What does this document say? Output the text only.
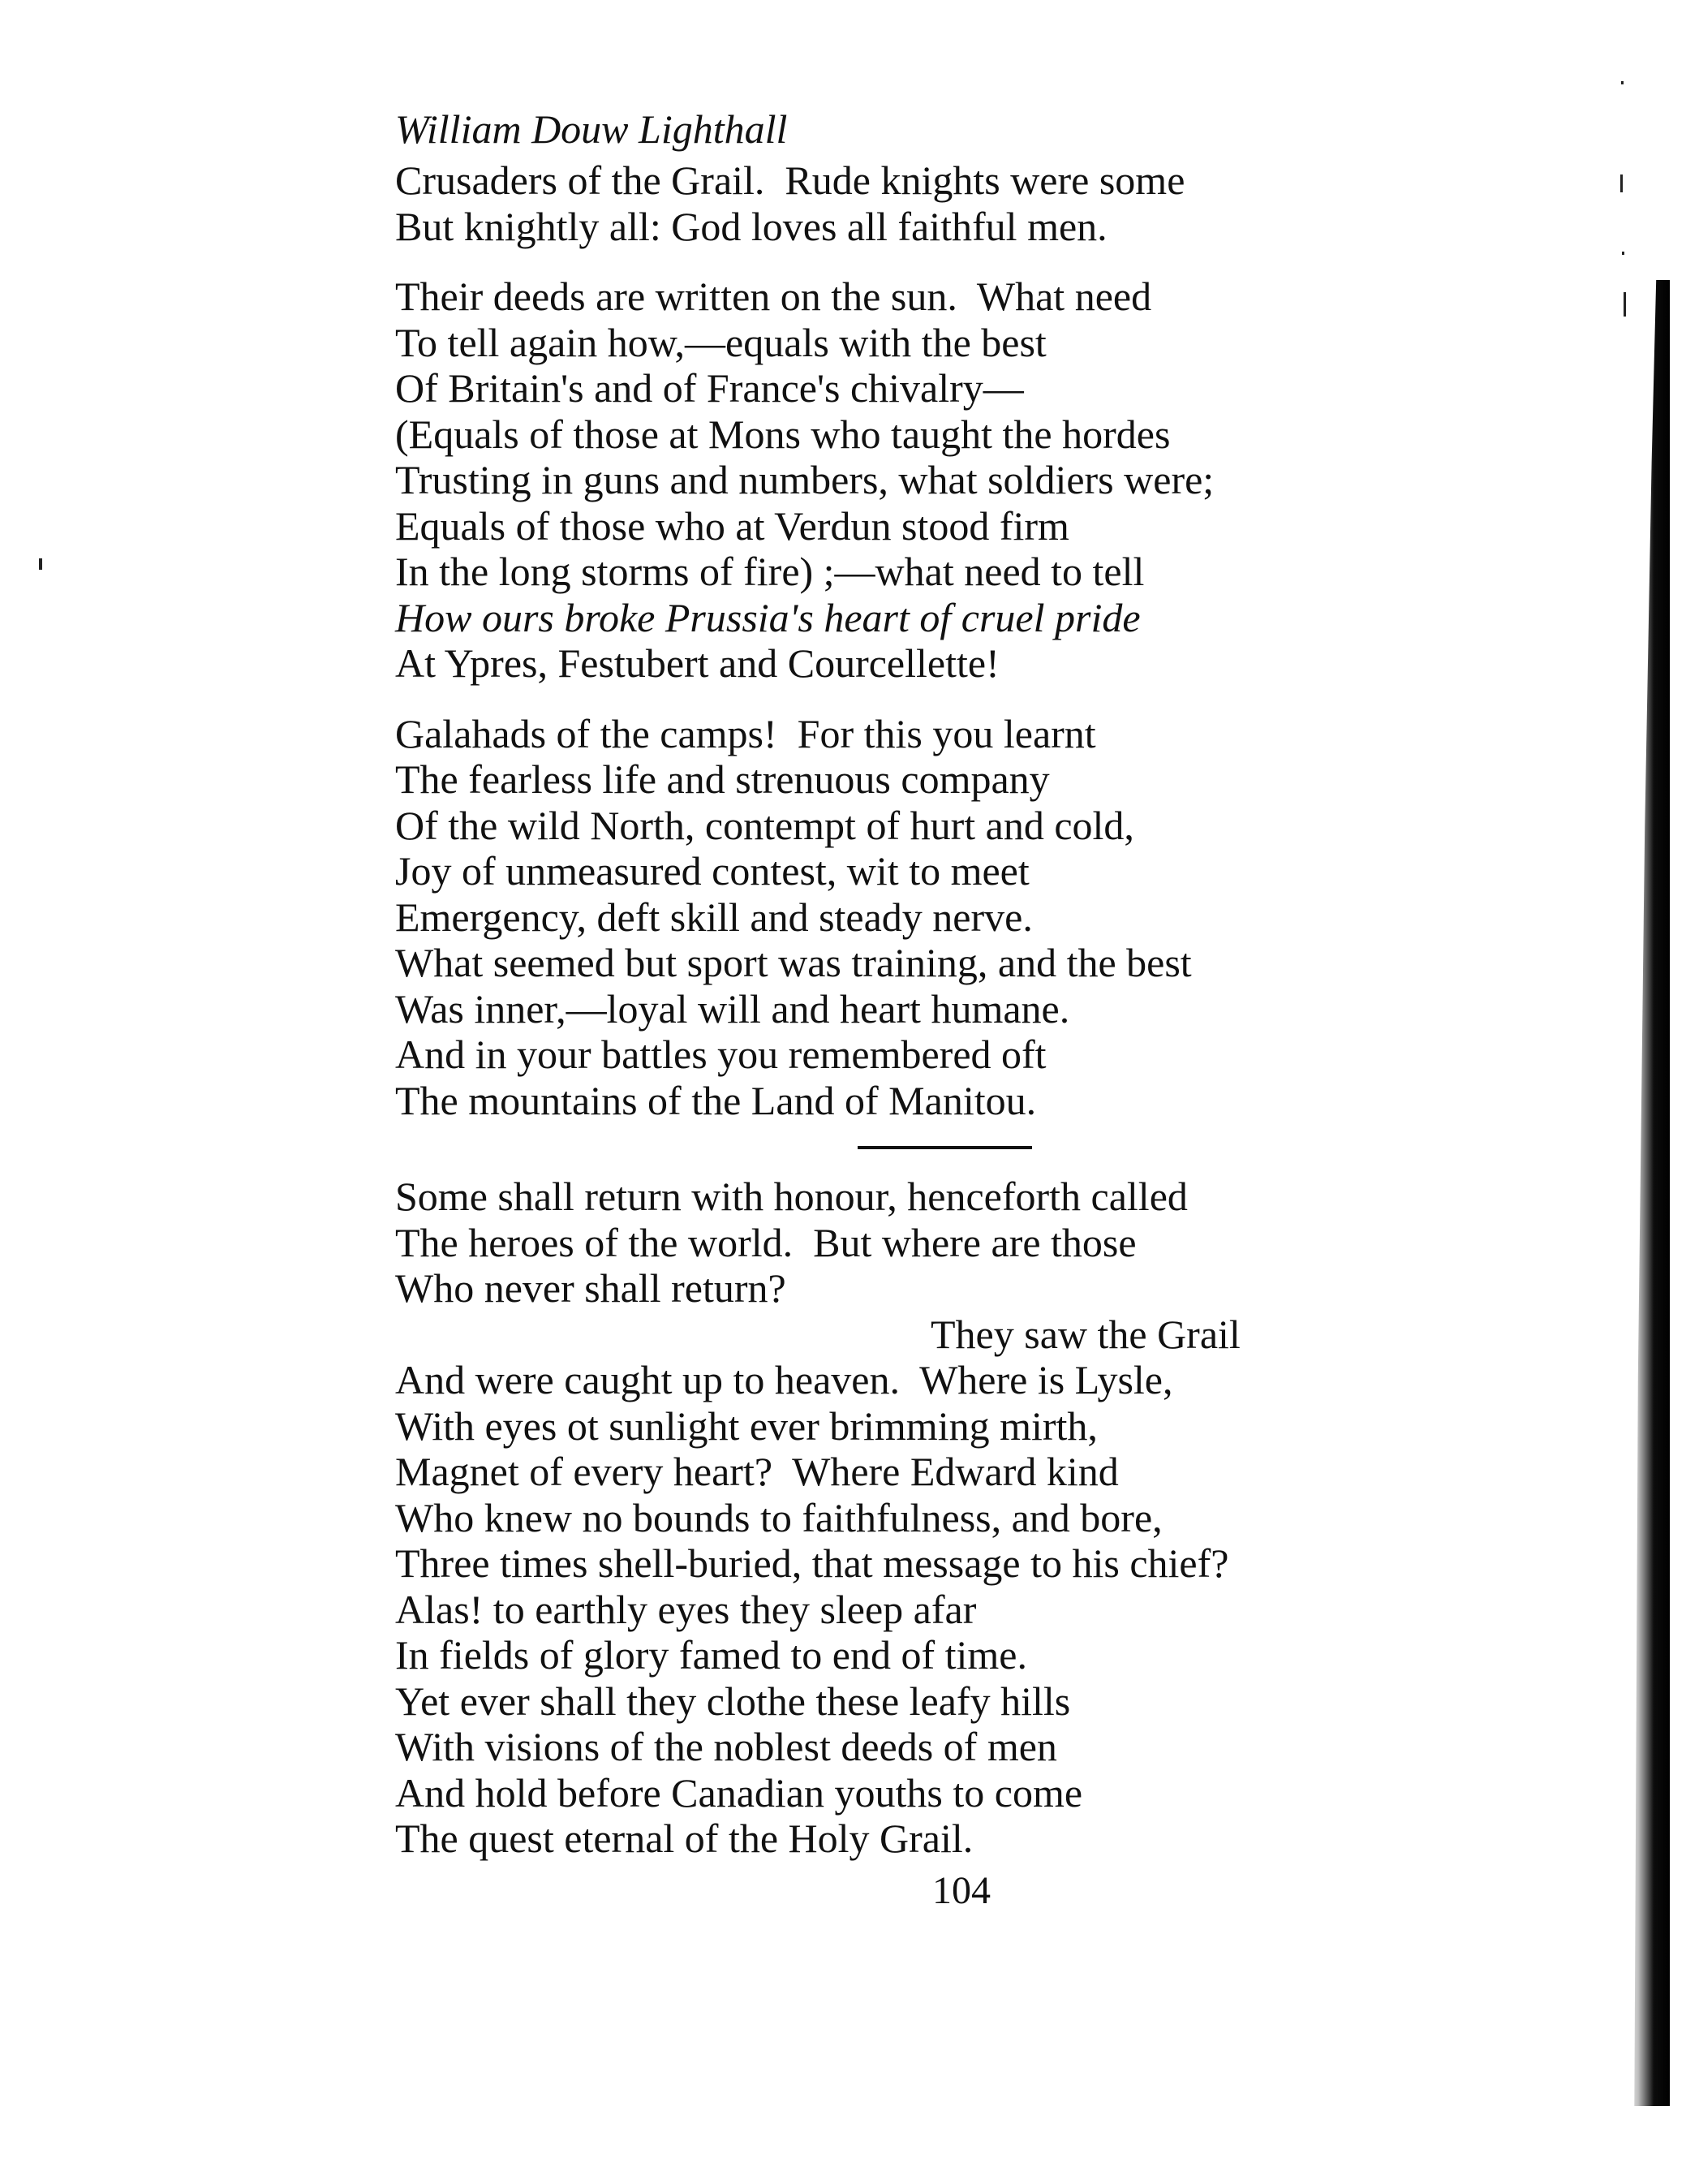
William Douw Lighthall
Crusaders of the Grail.  Rude knights were some
But knightly all: God loves all faithful men.
Their deeds are written on the sun.  What need
To tell again how,—equals with the best
Of Britain's and of France's chivalry—
(Equals of those at Mons who taught the hordes
Trusting in guns and numbers, what soldiers were;
Equals of those who at Verdun stood firm
In the long storms of fire) ;—what need to tell
How ours broke Prussia's heart of cruel pride
At Ypres, Festubert and Courcellette!
Galahads of the camps!  For this you learnt
The fearless life and strenuous company
Of the wild North, contempt of hurt and cold,
Joy of unmeasured contest, wit to meet
Emergency, deft skill and steady nerve.
What seemed but sport was training, and the best
Was inner,—loyal will and heart humane.
And in your battles you remembered oft
The mountains of the Land of Manitou.
Some shall return with honour, henceforth called
The heroes of the world.  But where are those
Who never shall return?
They saw the Grail
And were caught up to heaven.  Where is Lysle,
With eyes ot sunlight ever brimming mirth,
Magnet of every heart?  Where Edward kind
Who knew no bounds to faithfulness, and bore,
Three times shell-buried, that message to his chief?
Alas! to earthly eyes they sleep afar
In fields of glory famed to end of time.
Yet ever shall they clothe these leafy hills
With visions of the noblest deeds of men
And hold before Canadian youths to come
The quest eternal of the Holy Grail.
104
